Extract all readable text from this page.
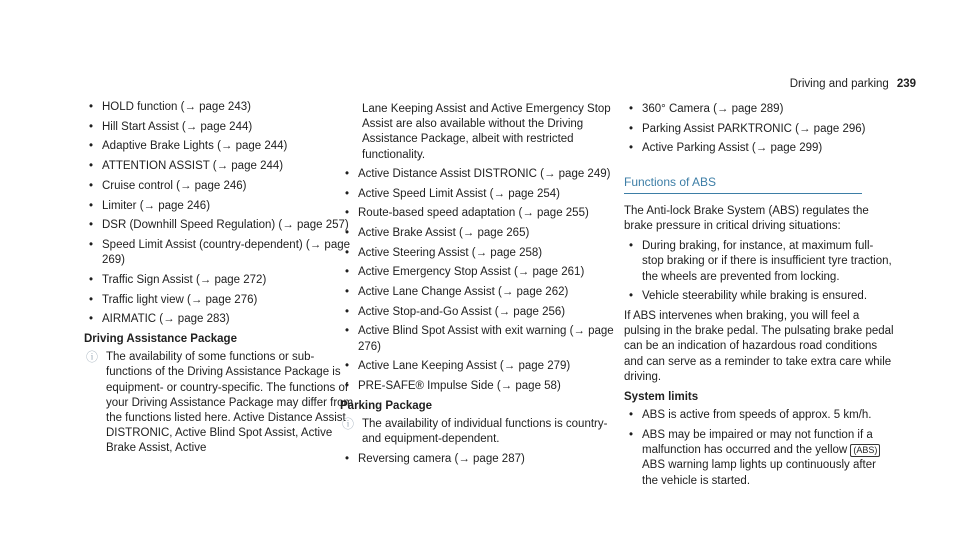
Driving and parking 239
• HOLD function (→ page 243)
• Hill Start Assist (→ page 244)
• Adaptive Brake Lights (→ page 244)
• ATTENTION ASSIST (→ page 244)
• Cruise control (→ page 246)
• Limiter (→ page 246)
• DSR (Downhill Speed Regulation) (→ page 257)
• Speed Limit Assist (country-dependent) (→ page 269)
• Traffic Sign Assist (→ page 272)
• Traffic light view (→ page 276)
• AIRMATIC (→ page 283)
Driving Assistance Package
ⓘ The availability of some functions or sub-functions of the Driving Assistance Package is equipment- or country-specific. The functions of your Driving Assistance Package may differ from the functions listed here. Active Distance Assist DISTRONIC, Active Blind Spot Assist, Active Brake Assist, Active
Lane Keeping Assist and Active Emergency Stop Assist are also available without the Driving Assistance Package, albeit with restricted functionality.
• Active Distance Assist DISTRONIC (→ page 249)
• Active Speed Limit Assist (→ page 254)
• Route-based speed adaptation (→ page 255)
• Active Brake Assist (→ page 265)
• Active Steering Assist (→ page 258)
• Active Emergency Stop Assist (→ page 261)
• Active Lane Change Assist (→ page 262)
• Active Stop-and-Go Assist (→ page 256)
• Active Blind Spot Assist with exit warning (→ page 276)
• Active Lane Keeping Assist (→ page 279)
• PRE-SAFE® Impulse Side (→ page 58)
Parking Package
ⓘ The availability of individual functions is country- and equipment-dependent.
• Reversing camera (→ page 287)
• 360° Camera (→ page 289)
• Parking Assist PARKTRONIC (→ page 296)
• Active Parking Assist (→ page 299)
Functions of ABS

The Anti-lock Brake System (ABS) regulates the brake pressure in critical driving situations:

• During braking, for instance, at maximum full-stop braking or if there is insufficient tyre traction, the wheels are prevented from locking.
• Vehicle steerability while braking is ensured.

If ABS intervenes when braking, you will feel a pulsing in the brake pedal. The pulsating brake pedal can be an indication of hazardous road conditions and can serve as a reminder to take extra care while driving.

System limits
• ABS is active from speeds of approx. 5 km/h.
• ABS may be impaired or may not function if a malfunction has occurred and the yellow (ABS) ABS warning lamp lights up continuously after the vehicle is started.
